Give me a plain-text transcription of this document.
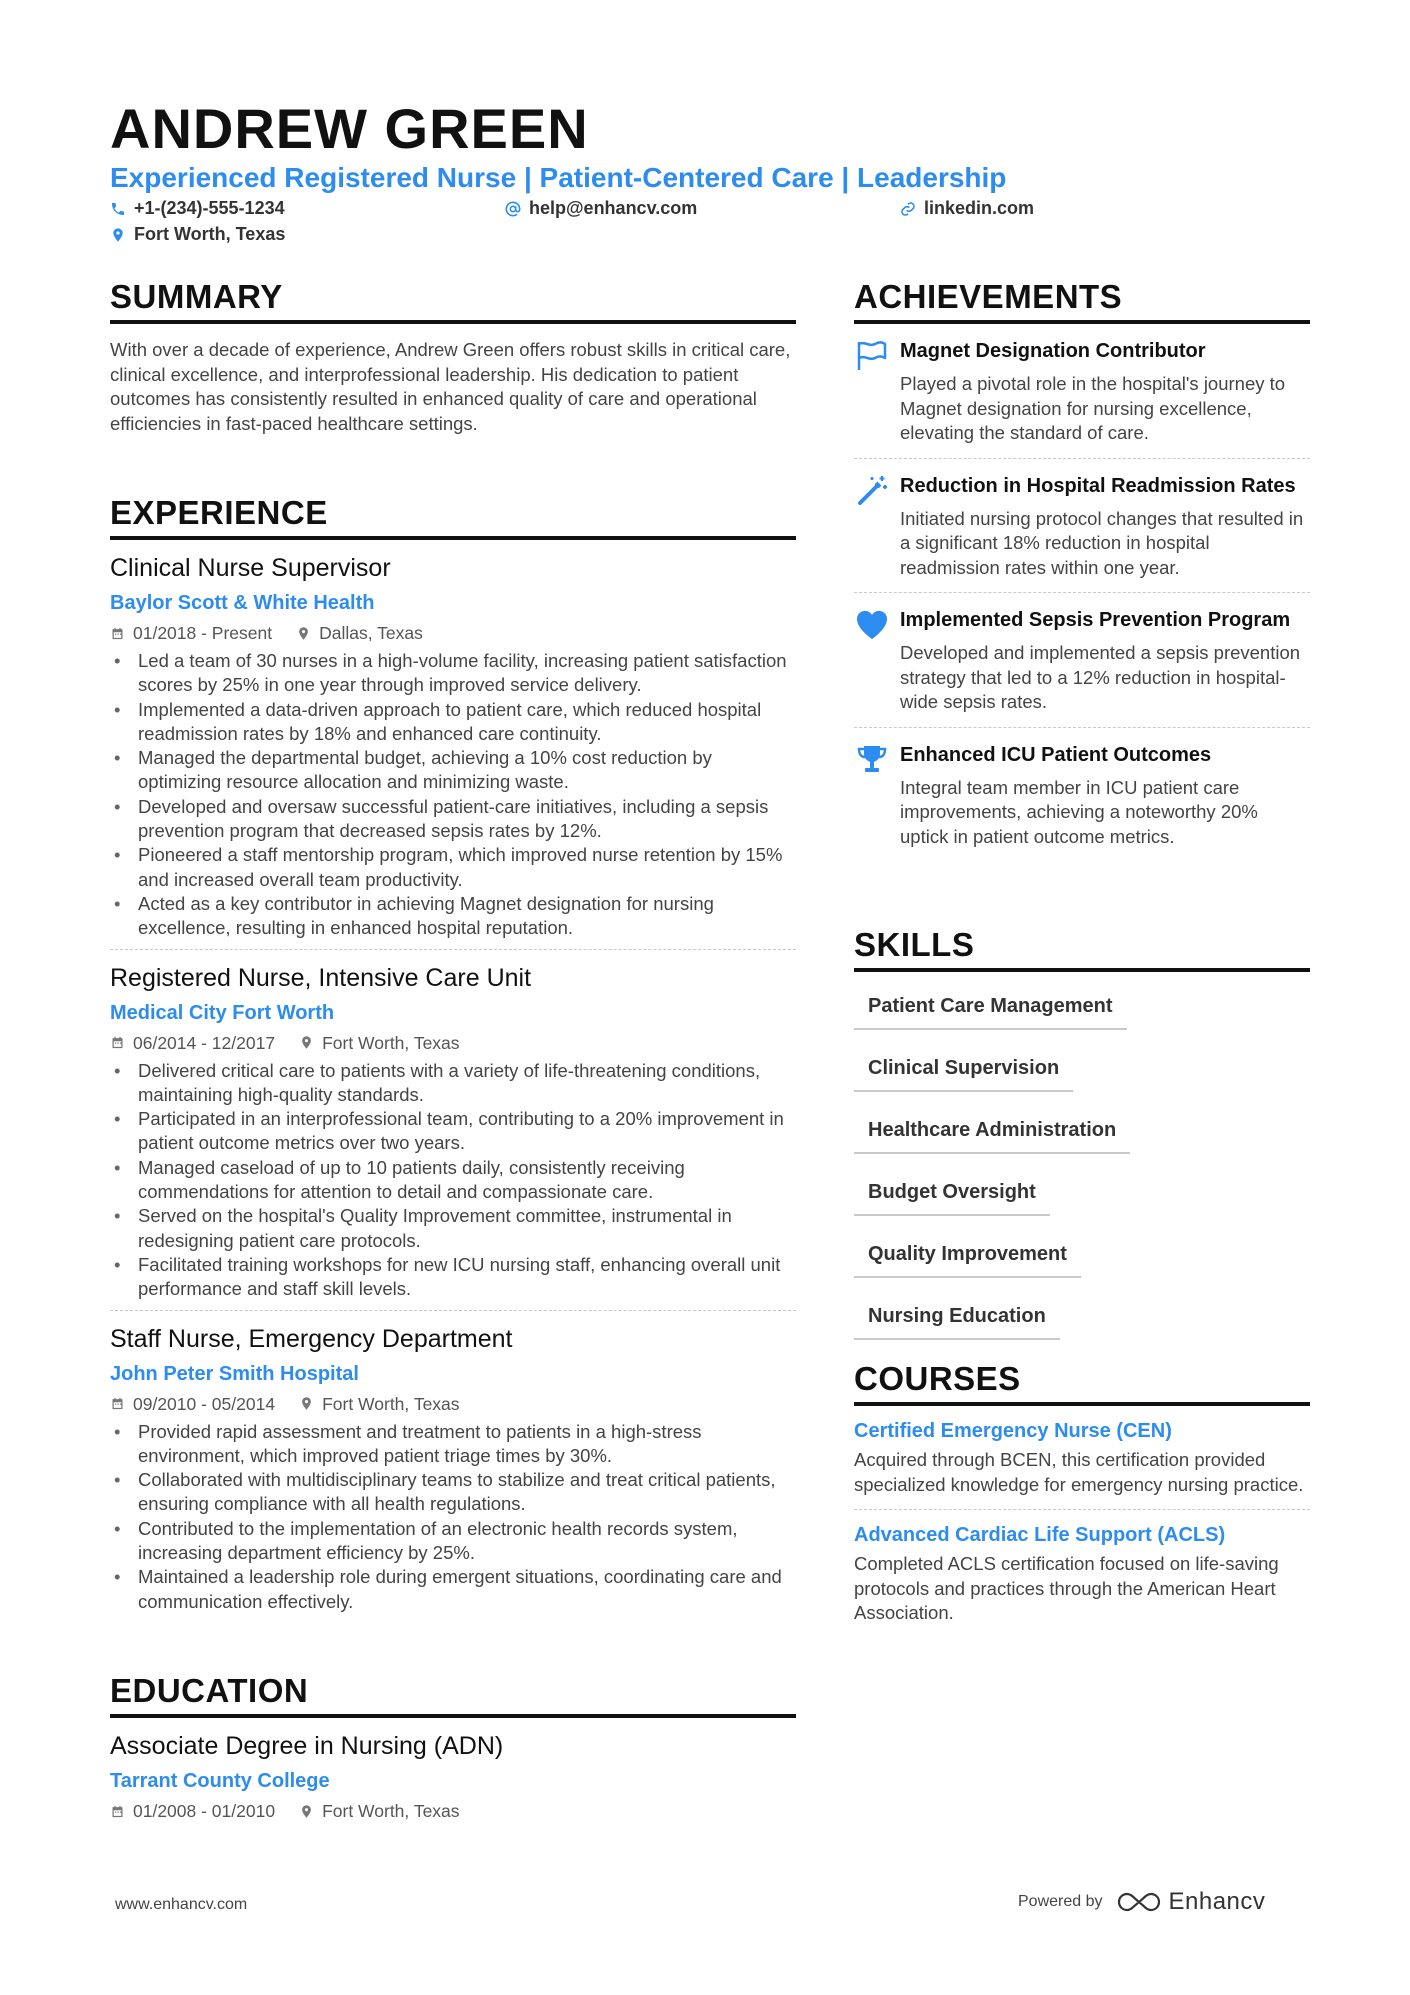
ANDREW GREEN
Experienced Registered Nurse | Patient-Centered Care | Leadership
+1-(234)-555-1234	help@enhancv.com	linkedin.com
Fort Worth, Texas
SUMMARY
With over a decade of experience, Andrew Green offers robust skills in critical care, clinical excellence, and interprofessional leadership. His dedication to patient outcomes has consistently resulted in enhanced quality of care and operational efficiencies in fast-paced healthcare settings.
EXPERIENCE
Clinical Nurse Supervisor
Baylor Scott & White Health
01/2018 - Present	Dallas, Texas
• Led a team of 30 nurses in a high-volume facility, increasing patient satisfaction scores by 25% in one year through improved service delivery.
• Implemented a data-driven approach to patient care, which reduced hospital readmission rates by 18% and enhanced care continuity.
• Managed the departmental budget, achieving a 10% cost reduction by optimizing resource allocation and minimizing waste.
• Developed and oversaw successful patient-care initiatives, including a sepsis prevention program that decreased sepsis rates by 12%.
• Pioneered a staff mentorship program, which improved nurse retention by 15% and increased overall team productivity.
• Acted as a key contributor in achieving Magnet designation for nursing excellence, resulting in enhanced hospital reputation.
Registered Nurse, Intensive Care Unit
Medical City Fort Worth
06/2014 - 12/2017	Fort Worth, Texas
• Delivered critical care to patients with a variety of life-threatening conditions, maintaining high-quality standards.
• Participated in an interprofessional team, contributing to a 20% improvement in patient outcome metrics over two years.
• Managed caseload of up to 10 patients daily, consistently receiving commendations for attention to detail and compassionate care.
• Served on the hospital's Quality Improvement committee, instrumental in redesigning patient care protocols.
• Facilitated training workshops for new ICU nursing staff, enhancing overall unit performance and staff skill levels.
Staff Nurse, Emergency Department
John Peter Smith Hospital
09/2010 - 05/2014	Fort Worth, Texas
• Provided rapid assessment and treatment to patients in a high-stress environment, which improved patient triage times by 30%.
• Collaborated with multidisciplinary teams to stabilize and treat critical patients, ensuring compliance with all health regulations.
• Contributed to the implementation of an electronic health records system, increasing department efficiency by 25%.
• Maintained a leadership role during emergent situations, coordinating care and communication effectively.
EDUCATION
Associate Degree in Nursing (ADN)
Tarrant County College
01/2008 - 01/2010	Fort Worth, Texas
ACHIEVEMENTS
Magnet Designation Contributor
Played a pivotal role in the hospital's journey to Magnet designation for nursing excellence, elevating the standard of care.
Reduction in Hospital Readmission Rates
Initiated nursing protocol changes that resulted in a significant 18% reduction in hospital readmission rates within one year.
Implemented Sepsis Prevention Program
Developed and implemented a sepsis prevention strategy that led to a 12% reduction in hospital-wide sepsis rates.
Enhanced ICU Patient Outcomes
Integral team member in ICU patient care improvements, achieving a noteworthy 20% uptick in patient outcome metrics.
SKILLS
Patient Care Management
Clinical Supervision
Healthcare Administration
Budget Oversight
Quality Improvement
Nursing Education
COURSES
Certified Emergency Nurse (CEN)
Acquired through BCEN, this certification provided specialized knowledge for emergency nursing practice.
Advanced Cardiac Life Support (ACLS)
Completed ACLS certification focused on life-saving protocols and practices through the American Heart Association.
www.enhancv.com	Powered by	Enhancv
